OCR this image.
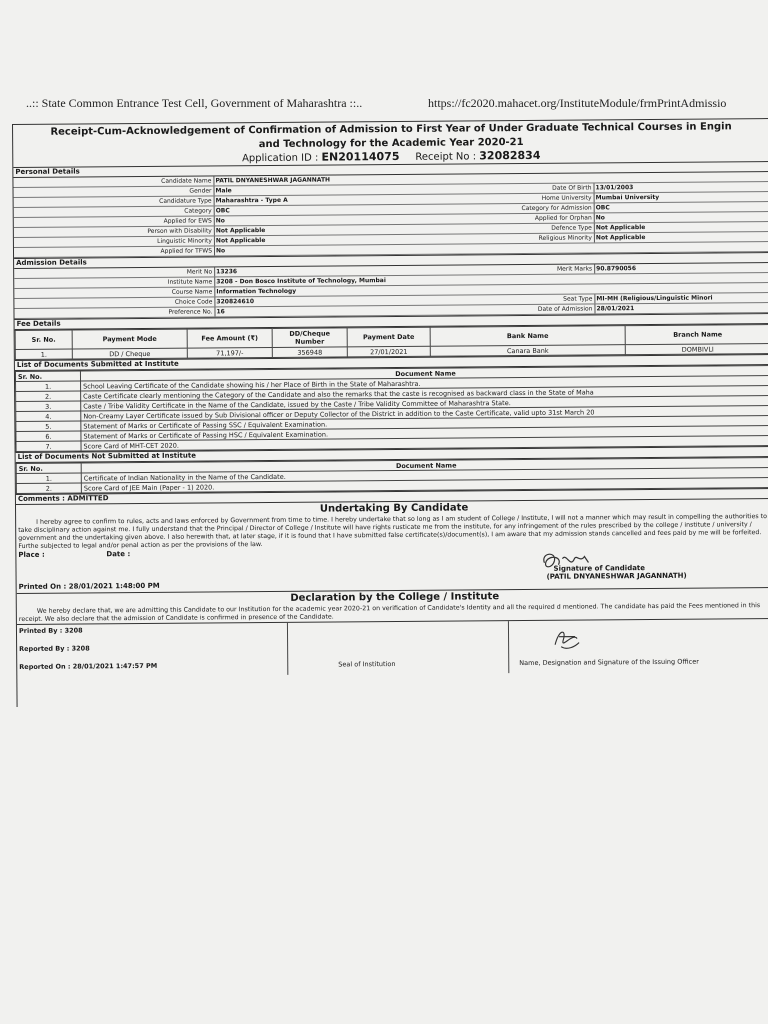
..:: State Common Entrance Test Cell, Government of Maharashtra ::..	https://fc2020.mahacet.org/InstituteModule/frmPrintAdmissio
Receipt-Cum-Acknowledgement of Confirmation of Admission to First Year of Under Graduate Technical Courses in Engin
and Technology for the Academic Year 2020-21
Application ID : EN20114075 Receipt No : 32082834
Personal Details
Candidate Name PATIL DNYANESHWAR JAGANNATH
Gender Male	Date Of Birth 13/01/2003
Candidature Type Maharashtra - Type A	Home University Mumbai University
Category OBC	Category for Admission OBC
Applied for EWS No	Applied for Orphan No
Person with Disability Not Applicable	Defence Type Not Applicable
Linguistic Minority Not Applicable	Religious Minority Not Applicable
Applied for TFWS No
Admission Details
Merit No 13236	Merit Marks 90.8790056
Institute Name 3208 - Don Bosco Institute of Technology, Mumbai
Course Name Information Technology
Choice Code 320824610	Seat Type MI-MH (Religious/Linguistic Minori
Preference No. 16	Date of Admission 28/01/2021
Fee Details
Sr. No.	Payment Mode	Fee Amount (₹)	DD/Cheque Number	Payment Date	Bank Name	Branch Name
1.	DD / Cheque	71,197/-	356948	27/01/2021	Canara Bank	DOMBIVLI
List of Documents Submitted at Institute
Sr. No.	Document Name
1.	School Leaving Certificate of the Candidate showing his / her Place of Birth in the State of Maharashtra.
2.	Caste Certificate clearly mentioning the Category of the Candidate and also the remarks that the caste is recognised as backward class in the State of Maha
3.	Caste / Tribe Validity Certificate in the Name of the Candidate, issued by the Caste / Tribe Validity Committee of Maharashtra State.
4.	Non-Creamy Layer Certificate issued by Sub Divisional officer or Deputy Collector of the District in addition to the Caste Certificate, valid upto 31st March 20
5.	Statement of Marks or Certificate of Passing SSC / Equivalent Examination.
6.	Statement of Marks or Certificate of Passing HSC / Equivalent Examination.
7.	Score Card of MHT-CET 2020.
List of Documents Not Submitted at Institute
Sr. No.	Document Name
1.	Certificate of Indian Nationality in the Name of the Candidate.
2.	Score Card of JEE Main (Paper - 1) 2020.
Comments : ADMITTED
Undertaking By Candidate
I hereby agree to confirm to rules, acts and laws enforced by Government from time to time. I hereby undertake that so long as I am student of College / Institute, I will not a manner which may result in compelling the authorities to take disciplinary action against me. I fully understand that the Principal / Director of College / Institute will have rights rusticate me from the institute, for any infringement of the rules prescribed by the college / institute / university / government and the undertaking given above. I also herewith that, at later stage, if it is found that I have submitted false certificate(s)/document(s), I am aware that my admission stands cancelled and fees paid by me will be forfeited. Furthe subjected to legal and/or penal action as per the provisions of the law.
Place :	Date :
Signature of Candidate
Printed On : 28/01/2021 1:48:00 PM
(PATIL DNYANESHWAR JAGANNATH)
Declaration by the College / Institute
We hereby declare that, we are admitting this Candidate to our Institution for the academic year 2020-21 on verification of Candidate's Identity and all the required d mentioned. The candidate has paid the Fees mentioned in this receipt. We also declare that the admission of Candidate is confirmed in presence of the Candidate.
Printed By : 3208
Reported By : 3208
Reported On : 28/01/2021 1:47:57 PM	Seal of Institution	Name, Designation and Signature of the Issuing Officer
